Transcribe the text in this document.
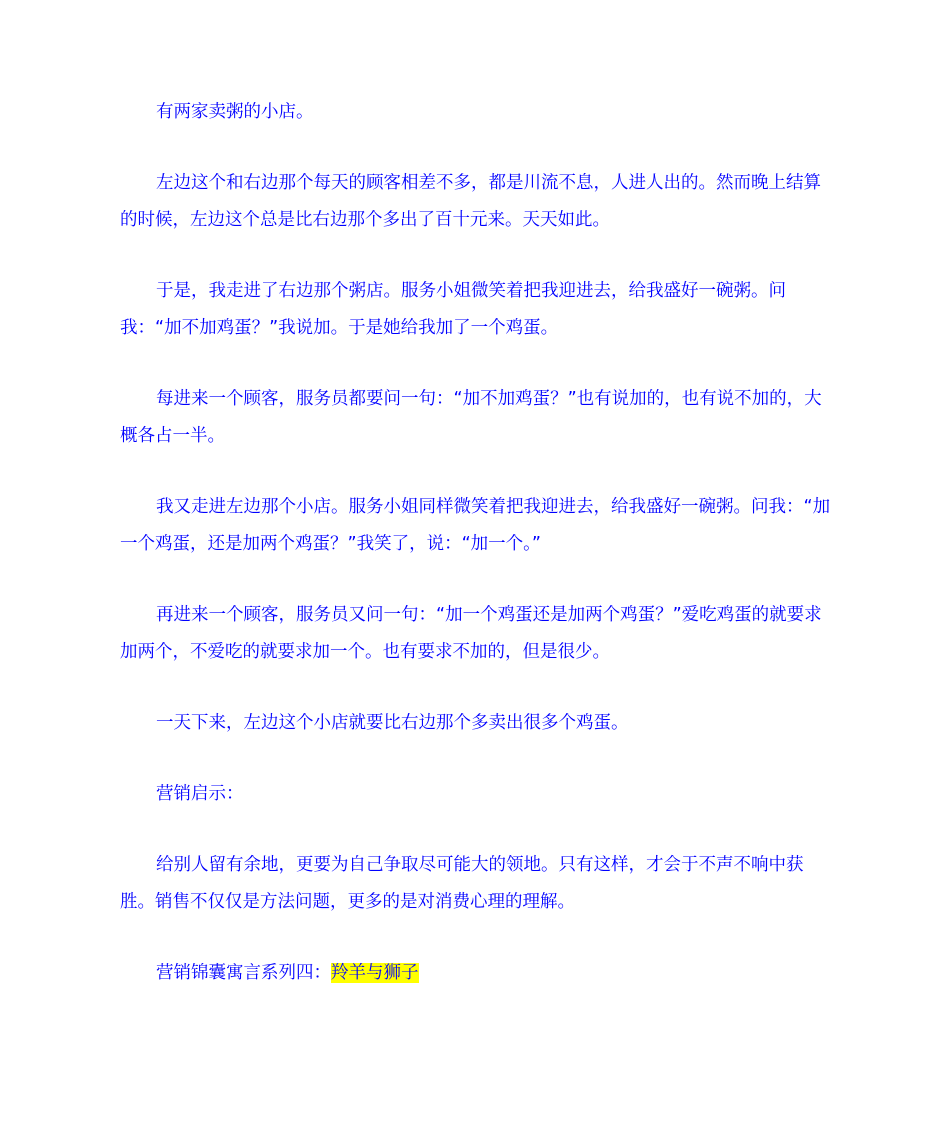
有两家卖粥的小店。

左边这个和右边那个每天的顾客相差不多，都是川流不息，人进人出的。然而晚上结算的时候，左边这个总是比右边那个多出了百十元来。天天如此。

于是，我走进了右边那个粥店。服务小姐微笑着把我迎进去，给我盛好一碗粥。问我：“加不加鸡蛋？”我说加。于是她给我加了一个鸡蛋。

每进来一个顾客，服务员都要问一句：“加不加鸡蛋？”也有说加的，也有说不加的，大概各占一半。

我又走进左边那个小店。服务小姐同样微笑着把我迎进去，给我盛好一碗粥。问我：“加一个鸡蛋，还是加两个鸡蛋？”我笑了，说：“加一个。”

再进来一个顾客，服务员又问一句：“加一个鸡蛋还是加两个鸡蛋？”爱吃鸡蛋的就要求加两个，不爱吃的就要求加一个。也有要求不加的，但是很少。

一天下来，左边这个小店就要比右边那个多卖出很多个鸡蛋。

营销启示：

给别人留有余地，更要为自己争取尽可能大的领地。只有这样，才会于不声不响中获胜。销售不仅仅是方法问题，更多的是对消费心理的理解。

营销锦囊寓言系列四：羚羊与狮子
